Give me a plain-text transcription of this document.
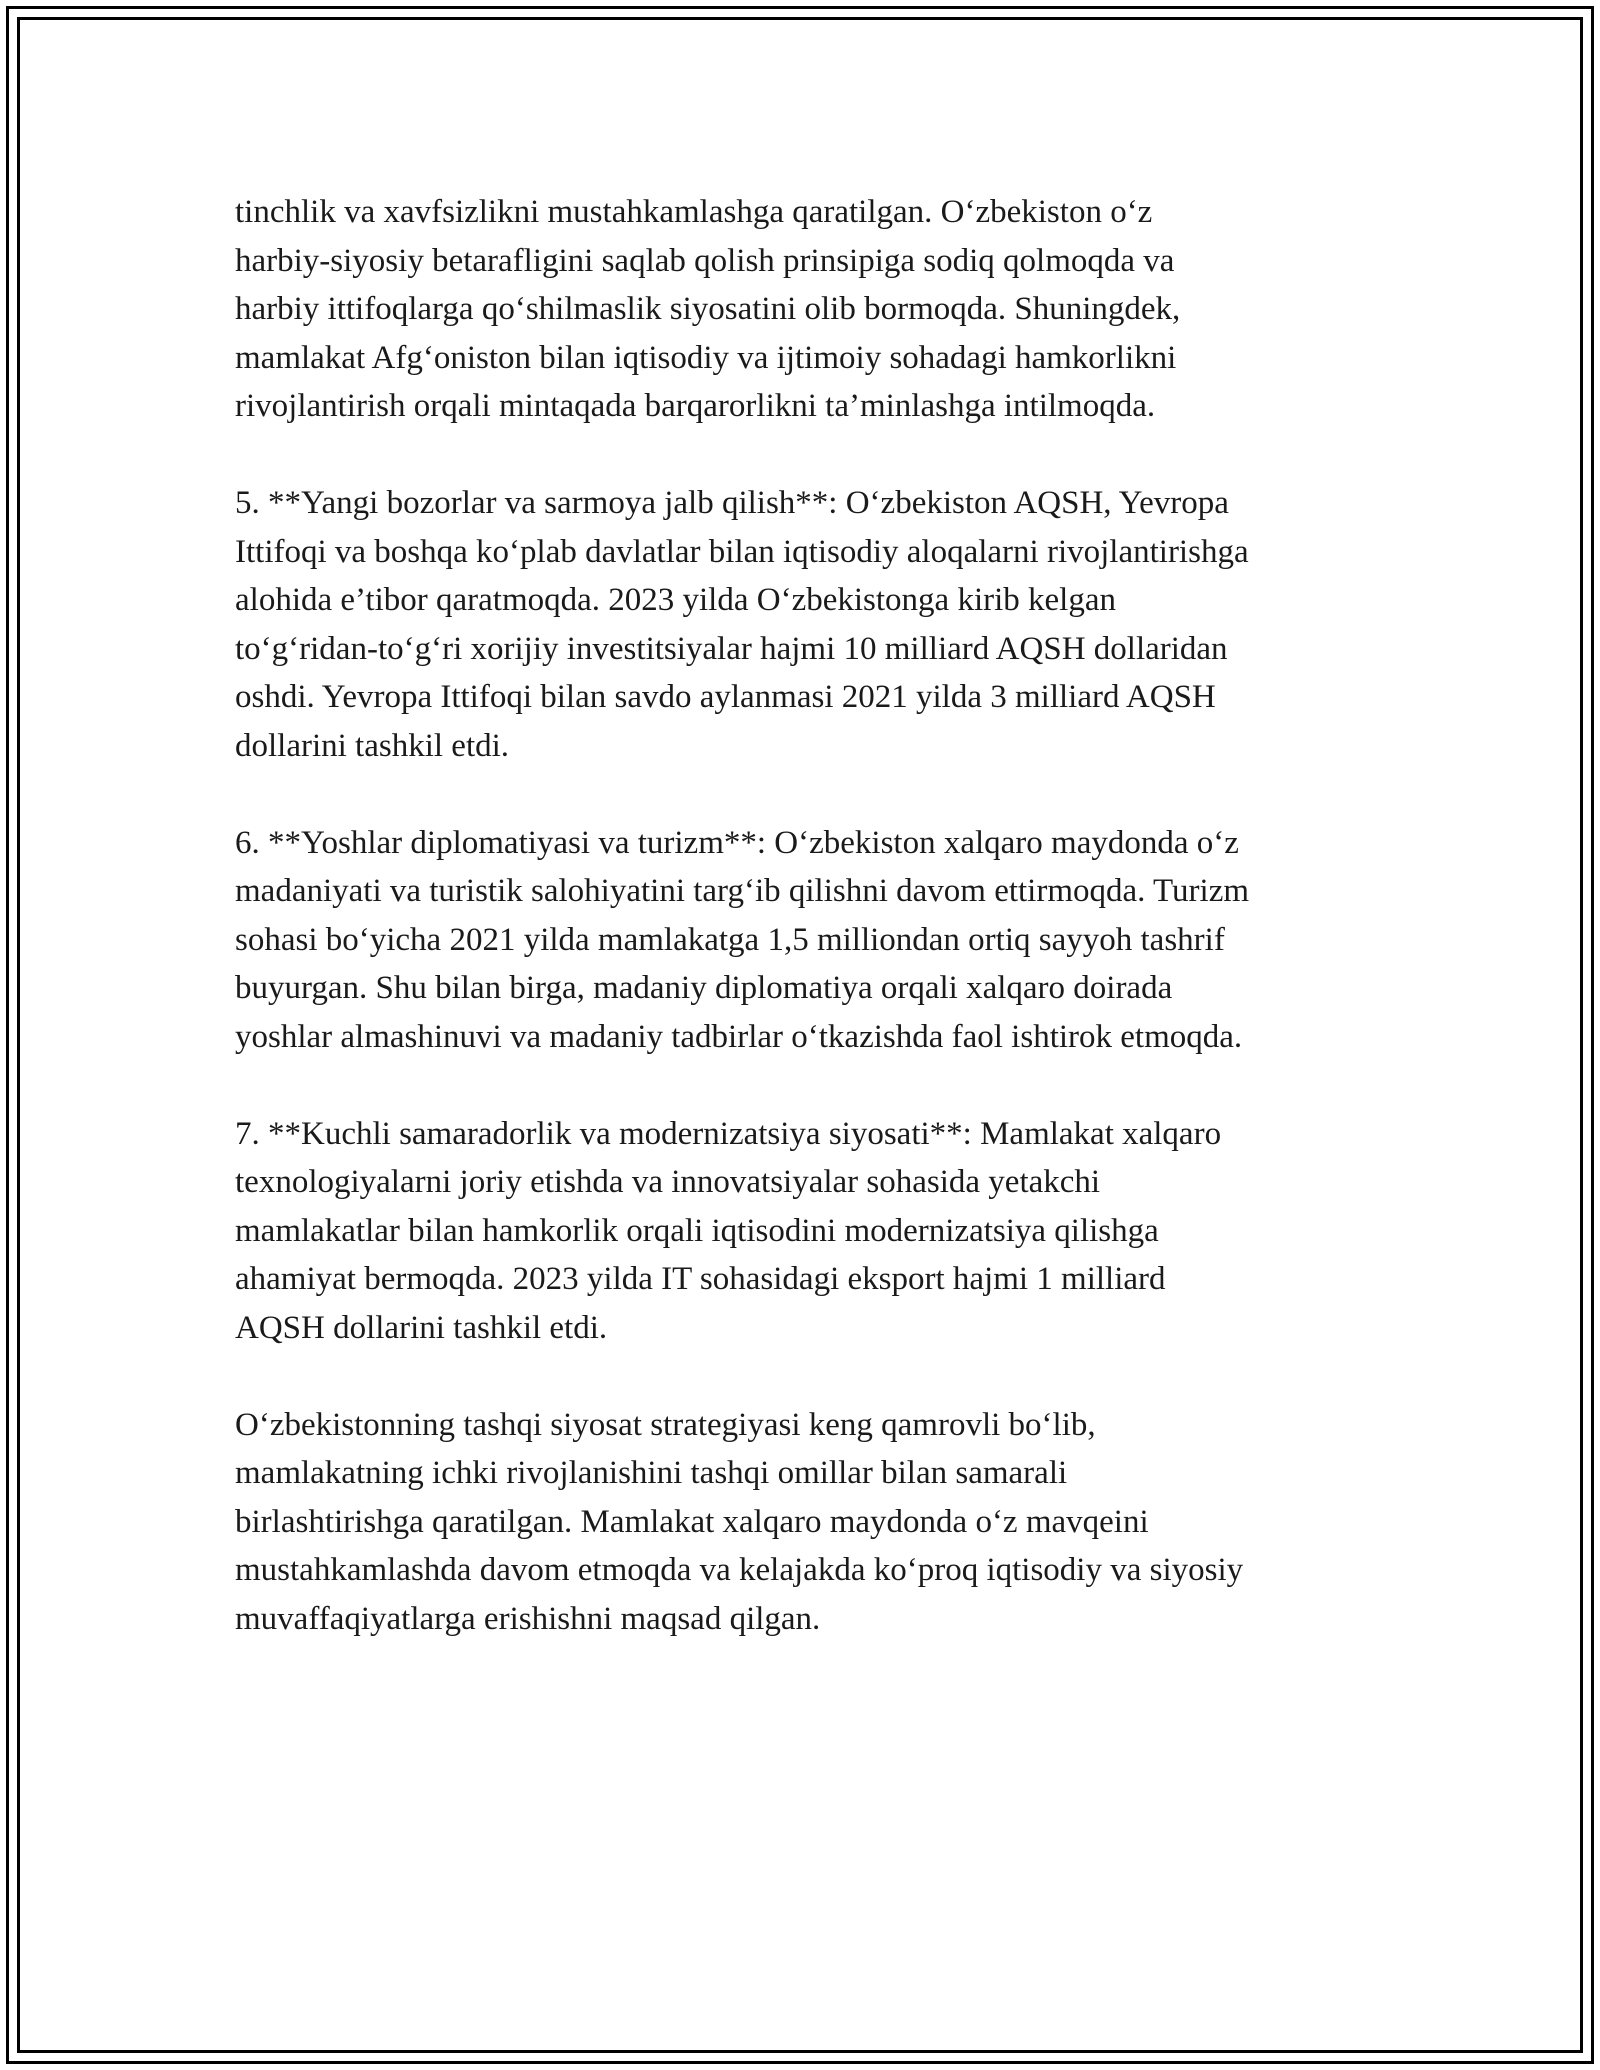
tinchlik va xavfsizlikni mustahkamlashga qaratilgan. O‘zbekiston o‘z
harbiy-siyosiy betarafligini saqlab qolish prinsipiga sodiq qolmoqda va
harbiy ittifoqlarga qo‘shilmaslik siyosatini olib bormoqda. Shuningdek,
mamlakat Afg‘oniston bilan iqtisodiy va ijtimoiy sohadagi hamkorlikni
rivojlantirish orqali mintaqada barqarorlikni ta’minlashga intilmoqda.

5. **Yangi bozorlar va sarmoya jalb qilish**: O‘zbekiston AQSH, Yevropa
Ittifoqi va boshqa ko‘plab davlatlar bilan iqtisodiy aloqalarni rivojlantirishga
alohida e’tibor qaratmoqda. 2023 yilda O‘zbekistonga kirib kelgan
to‘g‘ridan-to‘g‘ri xorijiy investitsiyalar hajmi 10 milliard AQSH dollaridan
oshdi. Yevropa Ittifoqi bilan savdo aylanmasi 2021 yilda 3 milliard AQSH
dollarini tashkil etdi.

6. **Yoshlar diplomatiyasi va turizm**: O‘zbekiston xalqaro maydonda o‘z
madaniyati va turistik salohiyatini targ‘ib qilishni davom ettirmoqda. Turizm
sohasi bo‘yicha 2021 yilda mamlakatga 1,5 milliondan ortiq sayyoh tashrif
buyurgan. Shu bilan birga, madaniy diplomatiya orqali xalqaro doirada
yoshlar almashinuvi va madaniy tadbirlar o‘tkazishda faol ishtirok etmoqda.

7. **Kuchli samaradorlik va modernizatsiya siyosati**: Mamlakat xalqaro
texnologiyalarni joriy etishda va innovatsiyalar sohasida yetakchi
mamlakatlar bilan hamkorlik orqali iqtisodini modernizatsiya qilishga
ahamiyat bermoqda. 2023 yilda IT sohasidagi eksport hajmi 1 milliard
AQSH dollarini tashkil etdi.

O‘zbekistonning tashqi siyosat strategiyasi keng qamrovli bo‘lib,
mamlakatning ichki rivojlanishini tashqi omillar bilan samarali
birlashtirishga qaratilgan. Mamlakat xalqaro maydonda o‘z mavqeini
mustahkamlashda davom etmoqda va kelajakda ko‘proq iqtisodiy va siyosiy
muvaffaqiyatlarga erishishni maqsad qilgan.
